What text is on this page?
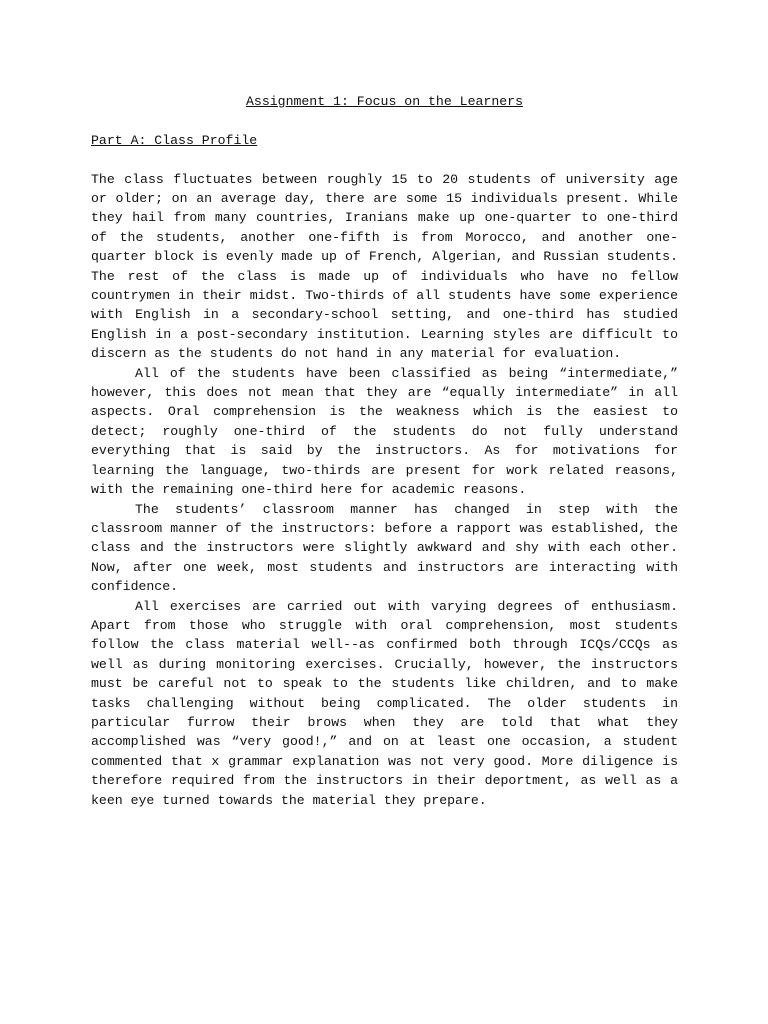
Assignment 1: Focus on the Learners
Part A: Class Profile

The class fluctuates between roughly 15 to 20 students of university age or older; on an average day, there are some 15 individuals present. While they hail from many countries, Iranians make up one-quarter to one-third of the students, another one-fifth is from Morocco, and another one-quarter block is evenly made up of French, Algerian, and Russian students. The rest of the class is made up of individuals who have no fellow countrymen in their midst. Two-thirds of all students have some experience with English in a secondary-school setting, and one-third has studied English in a post-secondary institution. Learning styles are difficult to discern as the students do not hand in any material for evaluation.

All of the students have been classified as being “intermediate,” however, this does not mean that they are “equally intermediate” in all aspects. Oral comprehension is the weakness which is the easiest to detect; roughly one-third of the students do not fully understand everything that is said by the instructors. As for motivations for learning the language, two-thirds are present for work related reasons, with the remaining one-third here for academic reasons.

The students’ classroom manner has changed in step with the classroom manner of the instructors: before a rapport was established, the class and the instructors were slightly awkward and shy with each other. Now, after one week, most students and instructors are interacting with confidence.

All exercises are carried out with varying degrees of enthusiasm. Apart from those who struggle with oral comprehension, most students follow the class material well--as confirmed both through ICQs/CCQs as well as during monitoring exercises. Crucially, however, the instructors must be careful not to speak to the students like children, and to make tasks challenging without being complicated. The older students in particular furrow their brows when they are told that what they accomplished was “very good!,” and on at least one occasion, a student commented that x grammar explanation was not very good. More diligence is therefore required from the instructors in their deportment, as well as a keen eye turned towards the material they prepare.
